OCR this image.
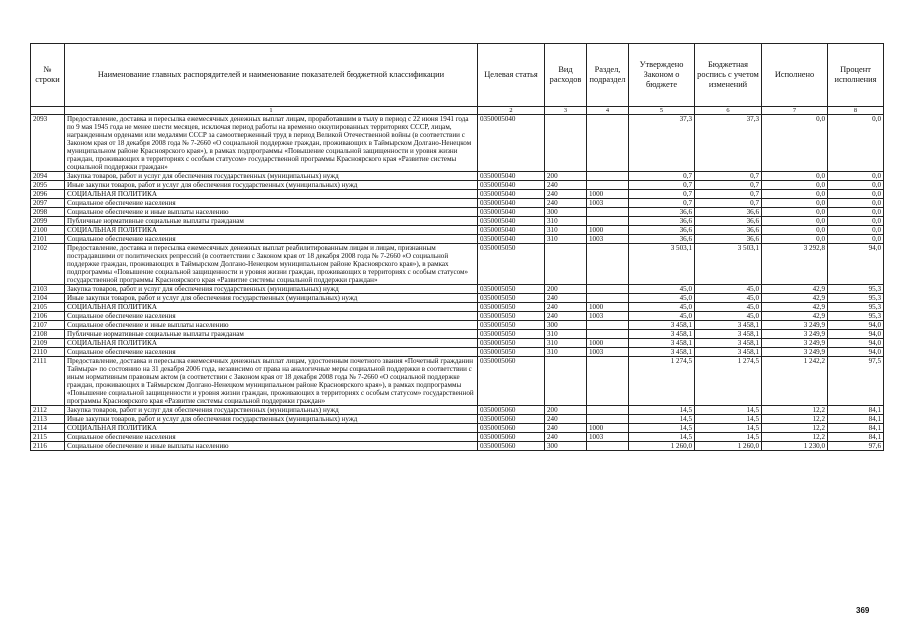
№ строки	Наименование главных распорядителей и наименование показателей бюджетной классификации	Целевая статья	Вид расходов	Раздел, подраздел	Утверждено Законом о бюджете	Бюджетная роспись с учетом изменений	Исполнено	Процент исполнения
	1	2	3	4	5	6	7	8
2093	Предоставление, доставка и пересылка ежемесячных денежных выплат лицам, проработавшим в тылу в период с 22 июня 1941 года по 9 мая 1945 года не менее шести месяцев, исключая период работы на временно оккупированных территориях СССР, лицам, награжденным орденами или медалями СССР за самоотверженный труд в период Великой Отечественной войны (в соответствии с Законом края от 18 декабря 2008 года № 7-2660 «О социальной поддержке граждан, проживающих в Таймырском Долгано-Ненецком муниципальном районе Красноярского края»), в рамках подпрограммы «Повышение социальной защищенности и уровня жизни граждан, проживающих в территориях с особым статусом» государственной программы Красноярского края «Развитие системы социальной поддержки граждан»	0350005040			37,3	37,3	0,0	0,0
2094	Закупка товаров, работ и услуг для обеспечения государственных (муниципальных) нужд	0350005040	200		0,7	0,7	0,0	0,0
2095	Иные закупки товаров, работ и услуг для обеспечения государственных (муниципальных) нужд	0350005040	240		0,7	0,7	0,0	0,0
2096	СОЦИАЛЬНАЯ ПОЛИТИКА	0350005040	240	1000	0,7	0,7	0,0	0,0
2097	Социальное обеспечение населения	0350005040	240	1003	0,7	0,7	0,0	0,0
2098	Социальное обеспечение и иные выплаты населению	0350005040	300		36,6	36,6	0,0	0,0
2099	Публичные нормативные социальные выплаты гражданам	0350005040	310		36,6	36,6	0,0	0,0
2100	СОЦИАЛЬНАЯ ПОЛИТИКА	0350005040	310	1000	36,6	36,6	0,0	0,0
2101	Социальное обеспечение населения	0350005040	310	1003	36,6	36,6	0,0	0,0
2102	Предоставление, доставка и пересылка ежемесячных денежных выплат реабилитированным лицам и лицам, признанным пострадавшими от политических репрессий (в соответствии с Законом края от 18 декабря 2008 года № 7-2660 «О социальной поддержке граждан, проживающих в Таймырском Долгано-Ненецком муниципальном районе Красноярского края»), в рамках подпрограммы «Повышение социальной защищенности и уровня жизни граждан, проживающих в территориях с особым статусом» государственной программы Красноярского края «Развитие системы социальной поддержки граждан»	0350005050			3 503,1	3 503,1	3 292,8	94,0
2103	Закупка товаров, работ и услуг для обеспечения государственных (муниципальных) нужд	0350005050	200		45,0	45,0	42,9	95,3
2104	Иные закупки товаров, работ и услуг для обеспечения государственных (муниципальных) нужд	0350005050	240		45,0	45,0	42,9	95,3
2105	СОЦИАЛЬНАЯ ПОЛИТИКА	0350005050	240	1000	45,0	45,0	42,9	95,3
2106	Социальное обеспечение населения	0350005050	240	1003	45,0	45,0	42,9	95,3
2107	Социальное обеспечение и иные выплаты населению	0350005050	300		3 458,1	3 458,1	3 249,9	94,0
2108	Публичные нормативные социальные выплаты гражданам	0350005050	310		3 458,1	3 458,1	3 249,9	94,0
2109	СОЦИАЛЬНАЯ ПОЛИТИКА	0350005050	310	1000	3 458,1	3 458,1	3 249,9	94,0
2110	Социальное обеспечение населения	0350005050	310	1003	3 458,1	3 458,1	3 249,9	94,0
2111	Предоставление, доставка и пересылка ежемесячных денежных выплат лицам, удостоенным почетного звания «Почетный гражданин Таймыра» по состоянию на 31 декабря 2006 года, независимо от права на аналогичные меры социальной поддержки в соответствии с иным нормативным правовым актом (в соответствии с Законом края от 18 декабря 2008 года № 7-2660 «О социальной поддержке граждан, проживающих в Таймырском Долгано-Ненецком муниципальном районе Красноярского края»), в рамках подпрограммы «Повышение социальной защищенности и уровня жизни граждан, проживающих в территориях с особым статусом» государственной программы Красноярского края «Развитие системы социальной поддержки граждан»	0350005060			1 274,5	1 274,5	1 242,2	97,5
2112	Закупка товаров, работ и услуг для обеспечения государственных (муниципальных) нужд	0350005060	200		14,5	14,5	12,2	84,1
2113	Иные закупки товаров, работ и услуг для обеспечения государственных (муниципальных) нужд	0350005060	240		14,5	14,5	12,2	84,1
2114	СОЦИАЛЬНАЯ ПОЛИТИКА	0350005060	240	1000	14,5	14,5	12,2	84,1
2115	Социальное обеспечение населения	0350005060	240	1003	14,5	14,5	12,2	84,1
2116	Социальное обеспечение и иные выплаты населению	0350005060	300		1 260,0	1 260,0	1 230,0	97,6
369
